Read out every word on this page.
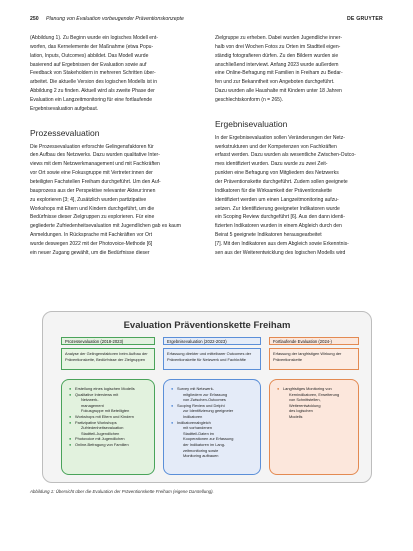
250 Planung von Evaluation vorbeugender Präventionskonzepte	DE GRUYTER

(Abbildung 1). Zu Beginn wurde ein logisches Modell ent-
worfen, das Kernelemente der Maßnahme (etwa Popu-
lation, Inputs, Outcomes) abbildet. Das Modell wurde
basierend auf Ergebnissen der Evaluation sowie auf
Feedback von Stakeholdern in mehreren Schritten über-
arbeitet. Die aktuelle Version des logischen Modells ist in
Abbildung 2 zu finden. Aktuell wird als zweite Phase der
Evaluation ein Langzeitmonitoring für eine fortlaufende
Ergebnisevaluation aufgebaut.

Prozessevaluation

Die Prozessevaluation erforschte Gelingensfaktoren für
den Aufbau des Netzwerks. Dazu wurden qualitative Inter-
views mit dem Netzwerkmanagement und mit Fachkräften
vor Ort sowie eine Fokusgruppe mit Vertreter:innen der
beteiligten Fachstellen Freiham durchgeführt. Um den Auf-
bauprozess aus der Perspektive relevanter Akteur:innen
zu explorieren [3; 4], Zusätzlich wurden partizipative
Workshops mit Eltern und Kindern durchgeführt, um die
Bedürfnisse dieser Zielgruppen zu explorieren. Für eine
gegliederte Zufriedenheitsevaluation mit Jugendlichen gab es kaum
Anmeldungen. In Rücksprache mit Fachkräften vor Ort
wurde deswegen 2022 mit der Photovoice-Methode [6]
ein neuer Zugang gewählt, um die Bedürfnisse dieser

Zielgruppe zu erheben. Dabei wurden Jugendliche inner-
halb von drei Wochen Fotos zu Orten im Stadtteil eigen-
ständig fotografieren dürfen. Zu den Bildern wurden sie
anschließend interviewt. Anfang 2023 wurde außerdem
eine Online-Befragung mit Familien in Freiham zu Bedar-
fen und zur Bekanntheit von Angeboten durchgeführt.
Dazu wurden alle Haushalte mit Kindern unter 18 Jahren
geschlechtskonform (n = 265).

Ergebnisevaluation

In der Ergebnisevaluation sollen Veränderungen der Netz-
werkstrukturen und der Kompetenzen von Fachkräften
erfasst werden. Dazu wurden als wesentliche Zwischen-Outco-
mes identifiziert wurden. Dazu wurde zu zwei Zeit-
punkten eine Befragung von Mitgliedern des Netzwerks
der Präventionskette durchgeführt. Zudem sollen geeignete
Indikatoren für die Wirksamkeit der Präventionskette
identifiziert werden um einen Langzeitmonitoring aufzu-
setzen. Zur Identifizierung geeigneter Indikatoren wurde
ein Scoping Review durchgeführt [6]. Aus den dann identi-
fizierten Indikatoren wurden in einem Abgleich durch den
Beirat 5 geeignete Indikatoren herausgearbeitet
[7]. Mit den Indikatoren aus dem Abgleich sowie Erkenntnis-
sen aus der Weiterentwicklung des logischen Modells wird

Evaluation Präventionskette Freiham
Prozessevaluation (2018-2023)	Ergebnisevaluation (2022-2023)	Fortlaufende Evaluation (2024-)
Analyse der Gelingensfaktoren beim Aufbau der Präventionskette, Bedürfnisse der Zielgruppen
Erfassung direkter und mittelbarer Outcomes der Präventionskette für Netzwerk und Fachkräfte
Erfassung der langfristigen Wirkung der Präventionskette
● Erstellung eines logischen Modells
● Qualitative Interviews mit
Netzwerk-
management
Fokusgruppe mit Beteiligten
● Workshops mit Eltern und Kindern
● Partizipative Workshops
Zufriedenheitsevaluation
Stadtteil-Jugendlichen
● Photovoice mit Jugendlichen
● Online-Befragung von Familien
● Survey mit Netzwerk-
mitgliedern zur Erfassung
von Zwischen-Outcomes
● Scoping Review und Delphi
zur Identifizierung geeigneter
Indikatoren
● Indikatorenabgleich
mit vorhandenen
Stadtteil-Daten im
Kooperationen zur Erfassung
der Indikatoren im Lang-
zeitmonitoring sowie
Monitoring aufbauen
● Langfristiges Monitoring von
Kernindikatoren, Erweiterung
von Schnittstellen,
Weiterentwicklung
des logischen
Modells
Abbildung 1: Übersicht über die Evaluation der Präventionskette Freiham (eigene Darstellung).
